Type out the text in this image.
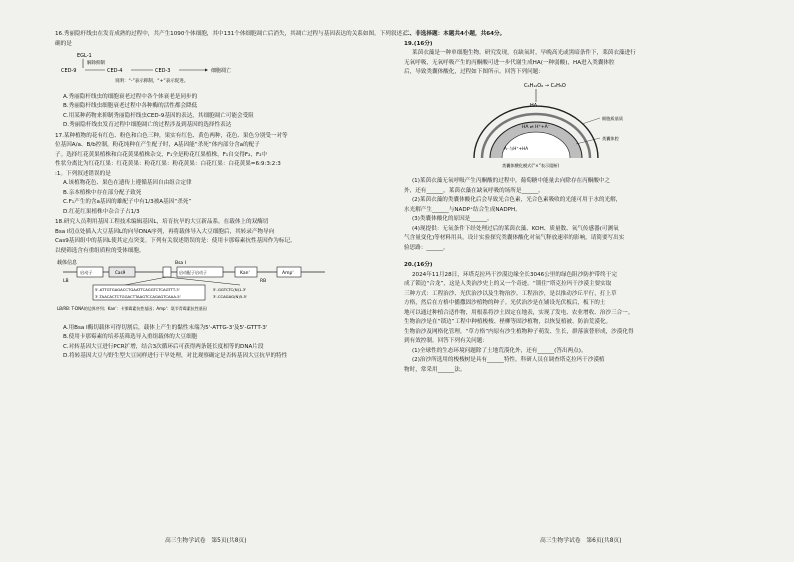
16.秀丽隐杆线虫在发育成熟的过程中，共产生1090个体细胞，其中131个体细胞凋亡后消失，其凋亡过程与基因表达的关系如图。下列叙述正确的是

EGL-1
解除抑制
CED-9	CED-4	CED-3	细胞凋亡
说明：“-”表示抑制，“+”表示促进。

A.秀丽隐杆线虫的细胞衰老过程中各个体衰老是同步的

B.秀丽隐杆线虫细胞衰老过程中各种酶的活性都会降低

C.用某种药物来抑制秀丽隐杆线虫CED-9基因的表达，其细胞凋亡可能会受阻

D.秀丽隐杆线虫发育过程中细胞凋亡的过程涉及到基因的选择性表达

17.某种植物的花有红色、粉色和白色三种，果实有红色、黄色两种，花色、果色分别受一对等

位基因A/a、B/b控制，粉花纯种在产生配子时，A基因能“杀死”体内部分含a的配子

子。选择红花黄果植株和白花黄果植株杂交，F₁全是粉花红果植株，F₁自交得F₂，F₂中

性状分离比为红花红果：红花黄果：粉花红果：粉花黄果：白花红果：白花黄果=6:9:3:2:3

:1。下列叙述错误的是

A.该植物花色、果色在遗传上遵循基因自由组合定律

B.亲本植株中存在部分配子致死

C.F₁产生的含a基因的雄配子中有1/3被A基因“杀死”

D.红花红果植株中杂合子占1/3

18.研究人员利用基因工程技术编辑基因L，培育抗旱的大豆新品系。在载体上的双酶切

Bsa I切点处插入大豆基因L的向导DNA序列，再将载体导入大豆细胞后，其转录产物导向

Cas9基因组中的基因L使其定点突变。下列有关叙述错误的是：使用卡那霉素抗性基因作为标记，

以便筛选含有重组质粒的受体细胞。

载体信息	Bsa I
启动子	Cas9	启动配子启动子	Kan'	Amp'
LB	RB
5'-ATTGTGAGACCTGAATTCAGGTCTCAGTTT-3'
3'-TAACACTCTGGACTTAAGTCCAGAGTCAAA-5'
5'-GGTCTC(N)1-3'
3'-CCAGAG(N)5-5'
LB/RB: T-DNA的边界序列；Kan'：卡那霉素抗性基因；Amp'：氨苄青霉素抗性基因

A.用Bsa I酶切载体可得切割后，载体上产生的黏性末端为5'-ATTG-3'及5'-GTTT-3'

B.使用卡那霉素的培养基筛选导入重组载体的大豆细胞

C.对转基因大豆进行PCR扩增，结合3次循环后可获得两条链长度相等的DNA片段

D.将转基因大豆与野生型大豆同样进行干旱处理，对比观察确定是否转基因大豆抗旱的特性

高三生物学试卷　第5页(共8页)

二、非选择题：本题共4小题，共64分。

19.(16分)

莱茵衣藻是一种单细胞生物。研究发现，在缺氧时，早晚高光或黑暗条件下，莱茵衣藻进行

无氧呼吸，无氧呼吸产生的丙酮酸可进一步代谢生成HA(一种弱酸)，HA进入类囊体腔

后，导致类囊体酸化，过程如下图所示。回答下列问题：

C₆H₁₂O₆ → C₂H₅O
HA
HA ⇌ H⁺+A⁻
A⁻与H⁺+HA
细胞质基质
类囊体腔
类囊体酸化模式(“×”表示阻断)

(1)莱茵衣藻无氧呼吸产生丙酮酸的过程中，葡萄糖中能量去向除存在丙酮酸中之

外，还有______，莱茵衣藻在缺氧呼吸的场所是______。

(2)莱茵衣藻的类囊体酸化后会导致光合色素，光合色素吸收的光能可用于水的光解，

水光解产生______与NADP⁺结合生成NADPH。

(3)类囊体酸化的原因是______。

(4)现提供：无氧条件下经处理过后的莱茵衣藻、KOH、质量数、氧气传感器(可测氧

气含量变化)等材料用具，设计实验探究类囊体酸化对氧气释放速率的影响，请简要写出实

验思路：______。

20.(16分)

2024年11月28日，环塔克拉玛干沙漠边缘全长3046公里的绿色阻沙防护带终于完

成了锁边“合龙”，这是人类治沙史上的又一个奇迹。“锁住”塔克拉玛干沙漠主要实取

三种方式：工程治沙、光伏治沙以及生物治沙。工程治沙，是以推动沙丘平行，打上草

方格，然后在方格中播撒固沙植物的种子。光伏治沙是在铺设光伏板后，板下的土

地可以通过种植合适作物，用根系将沙土固定在地表，实现了发电、农业增收、治沙三合一。

生物治沙是在“锁边”工程中种植梭梭、柽柳等固沙植物，以恢复植被、防治荒漠化。

生物治沙及网格化管理，“草方格”内原有沙生植物种子萌发、生长，群落演替形成，沙漠化得

到有效控制。回答下列有关问题：

(1)全球性的生态环境问题除了土地荒漠化外，还有______(答出两点)。

(2)治沙所选用的梭梭树是具有______特性。科研人员在调查塔克拉玛干沙漠植

物时，常采用______法。

高三生物学试卷　第6页(共8页)
